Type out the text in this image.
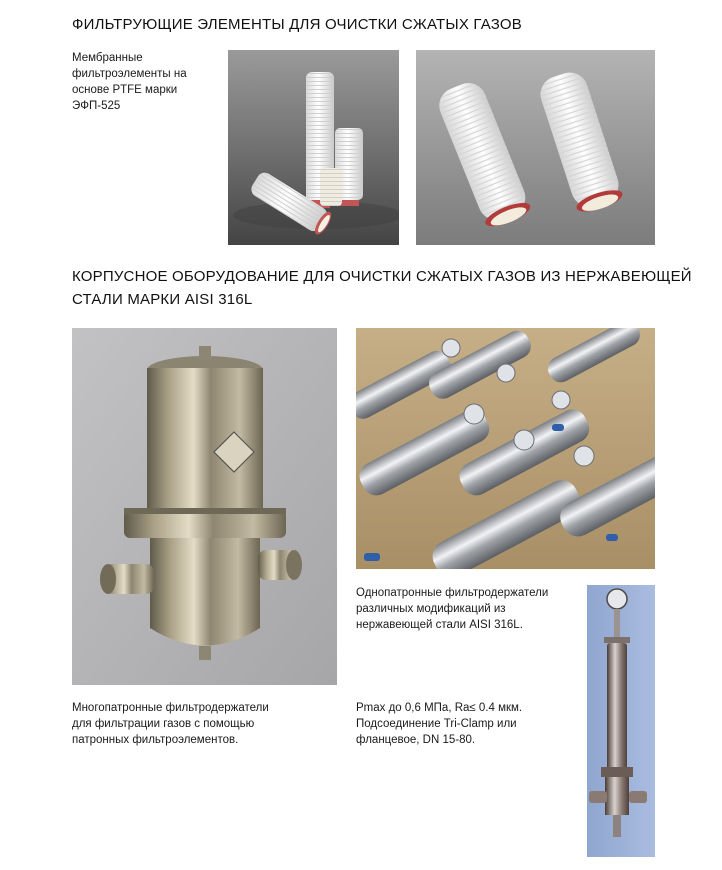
ФИЛЬТРУЮЩИЕ ЭЛЕМЕНТЫ ДЛЯ ОЧИСТКИ СЖАТЫХ ГАЗОВ

Мембранные
фильтроэлементы на
основе PTFE марки
ЭФП-525

КОРПУСНОЕ ОБОРУДОВАНИЕ ДЛЯ ОЧИСТКИ СЖАТЫХ ГАЗОВ ИЗ НЕРЖАВЕЮЩЕЙ
СТАЛИ МАРКИ AISI 316L

Однопатронные фильтродержатели
различных модификаций из
нержавеющей стали AISI 316L.

Многопатронные фильтродержатели
для фильтрации газов с помощью
патронных фильтроэлементов.

Pmax до 0,6 МПа, Ra≤ 0.4 мкм.
Подсоединение Tri-Clamp или
фланцевое, DN 15-80.
